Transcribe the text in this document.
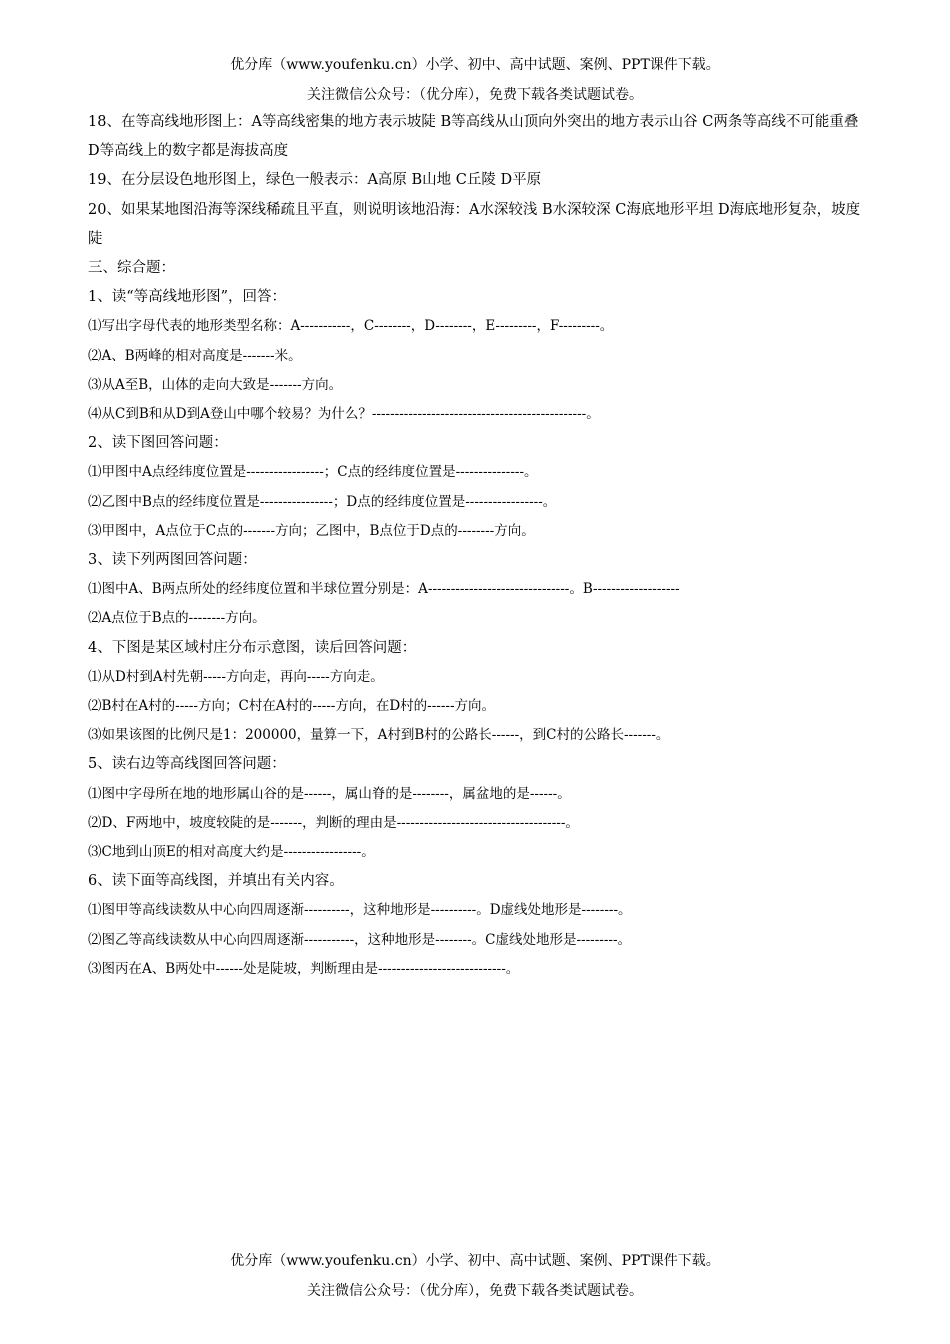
优分库（www.youfenku.cn）小学、初中、高中试题、案例、PPT课件下载。
关注微信公众号：（优分库），免费下载各类试题试卷。
18、在等高线地形图上：A等高线密集的地方表示坡陡 B等高线从山顶向外突出的地方表示山谷 C两条等高线不可能重叠 D等高线上的数字都是海拔高度
19、在分层设色地形图上，绿色一般表示：A高原 B山地 C丘陵 D平原
20、如果某地图沿海等深线稀疏且平直，则说明该地沿海：A水深较浅 B水深较深 C海底地形平坦 D海底地形复杂，坡度陡
三、综合题：
1、读“等高线地形图”，回答：
⑴写出字母代表的地形类型名称：A-----------，C--------，D--------，E---------，F---------。
⑵A、B两峰的相对高度是-------米。
⑶从A至B，山体的走向大致是-------方向。
⑷从C到B和从D到A登山中哪个较易？为什么？-----------------------------------------------。
2、读下图回答问题：
⑴甲图中A点经纬度位置是-----------------；C点的经纬度位置是---------------。
⑵乙图中B点的经纬度位置是----------------；D点的经纬度位置是-----------------。
⑶甲图中，A点位于C点的-------方向；乙图中，B点位于D点的--------方向。
3、读下列两图回答问题：
⑴图中A、B两点所处的经纬度位置和半球位置分别是：A-------------------------------。B-------------------
⑵A点位于B点的--------方向。
4、下图是某区域村庄分布示意图，读后回答问题：
⑴从D村到A村先朝-----方向走，再向-----方向走。
⑵B村在A村的-----方向；C村在A村的-----方向，在D村的------方向。
⑶如果该图的比例尺是1：200000，量算一下，A村到B村的公路长------，到C村的公路长-------。
5、读右边等高线图回答问题：
⑴图中字母所在地的地形属山谷的是------，属山脊的是--------，属盆地的是------。
⑵D、F两地中，坡度较陡的是-------，判断的理由是-------------------------------------。
⑶C地到山顶E的相对高度大约是-----------------。
6、读下面等高线图，并填出有关内容。
⑴图甲等高线读数从中心向四周逐渐----------，这种地形是----------。D虚线处地形是--------。
⑵图乙等高线读数从中心向四周逐渐-----------，这种地形是--------。C虚线处地形是---------。
⑶图丙在A、B两处中------处是陡坡，判断理由是----------------------------。
优分库（www.youfenku.cn）小学、初中、高中试题、案例、PPT课件下载。
关注微信公众号：（优分库），免费下载各类试题试卷。
